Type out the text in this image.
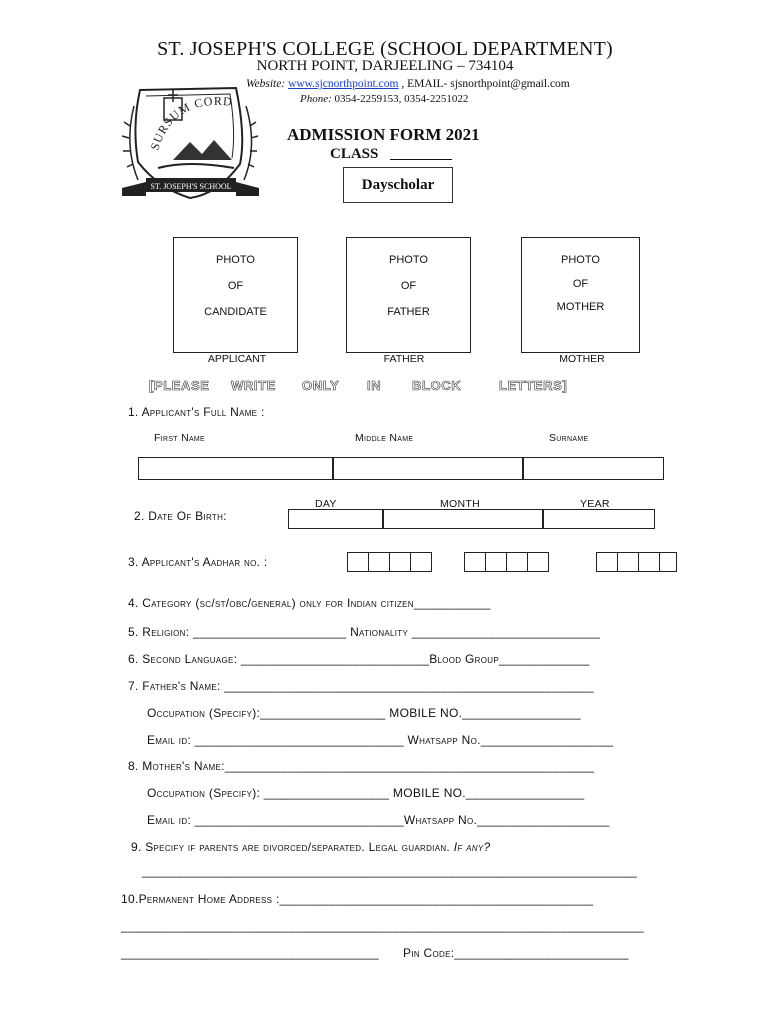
ST. JOSEPH'S COLLEGE (SCHOOL DEPARTMENT)
NORTH POINT, DARJEELING – 734104
Website: www.sjcnorthpoint.com , EMAIL- sjsnorthpoint@gmail.com
Phone: 0354-2259153, 0354-2251022
SURSUM CORD
ST. JOSEPH'S SCHOOL
ADMISSION FORM 2021
CLASS
Dayscholar
PHOTO
OF
CANDIDATE
PHOTO
OF
FATHER
PHOTO
OF
MOTHER
APPLICANT	FATHER	MOTHER
[PLEASE WRITE ONLY IN BLOCK	LETTERS]
1. Applicant's Full Name :
First Name	Middle Name	Surname
DAY	MONTH	YEAR
2. Date Of Birth:
3. Applicant's Aadhar no. :
4. Category (sc/st/obc/general) only for Indian citizen___________
5. Religion: ______________________ Nationality ___________________________
6. Second Language: ___________________________Blood Group_____________
7. Father's Name: _____________________________________________________
Occupation (Specify):__________________ MOBILE NO._________________
Email id: ______________________________ Whatsapp No.___________________
8. Mother's Name:_____________________________________________________
Occupation (Specify): __________________ MOBILE NO._________________
Email id: ______________________________Whatsapp No.___________________
9. Specify if parents are divorced/separated. Legal guardian. If any?
_______________________________________________________________________
10.Permanent Home Address :_____________________________________________
___________________________________________________________________________
_____________________________________ Pin Code:_________________________
